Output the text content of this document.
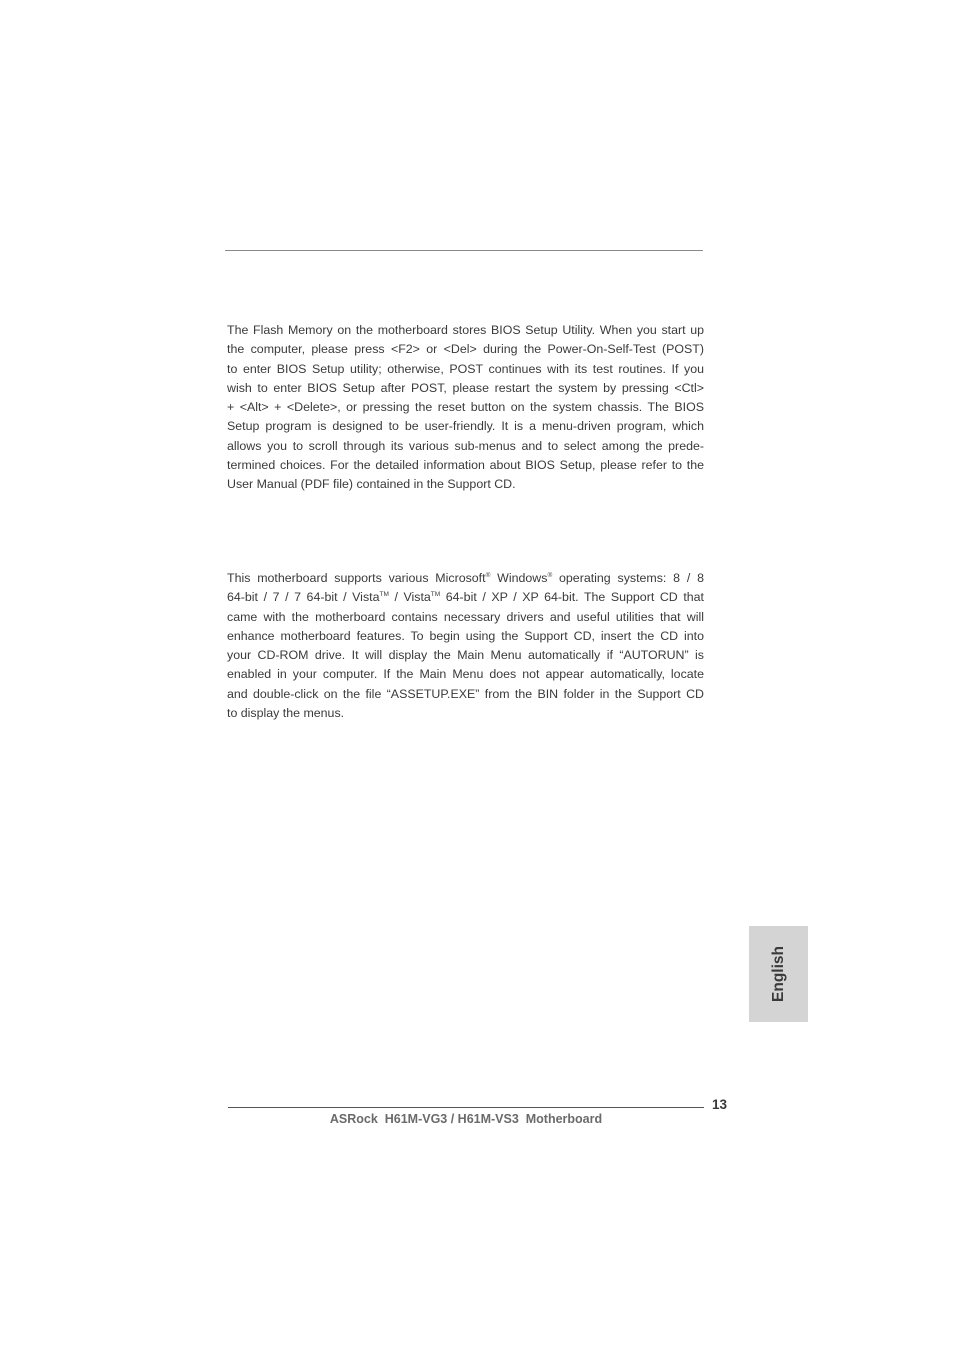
The Flash Memory on the motherboard stores BIOS Setup Utility. When you start up
the computer, please press <F2> or <Del> during the Power-On-Self-Test (POST)
to enter BIOS Setup utility; otherwise, POST continues with its test routines. If you
wish to enter BIOS Setup after POST, please restart the system by pressing <Ctl>
+ <Alt> + <Delete>, or pressing the reset button on the system chassis. The BIOS
Setup program is designed to be user-friendly. It is a menu-driven program, which
allows you to scroll through its various sub-menus and to select among the prede-
termined choices. For the detailed information about BIOS Setup, please refer to the
User Manual (PDF file) contained in the Support CD.

This motherboard supports various Microsoft® Windows® operating systems: 8 / 8
64-bit / 7 / 7 64-bit / Vista™ / Vista™ 64-bit / XP / XP 64-bit. The Support CD that
came with the motherboard contains necessary drivers and useful utilities that will
enhance motherboard features. To begin using the Support CD, insert the CD into
your CD-ROM drive. It will display the Main Menu automatically if “AUTORUN” is
enabled in your computer. If the Main Menu does not appear automatically, locate
and double-click on the file “ASSETUP.EXE” from the BIN folder in the Support CD
to display the menus.

English
13
ASRock  H61M-VG3 / H61M-VS3  Motherboard
